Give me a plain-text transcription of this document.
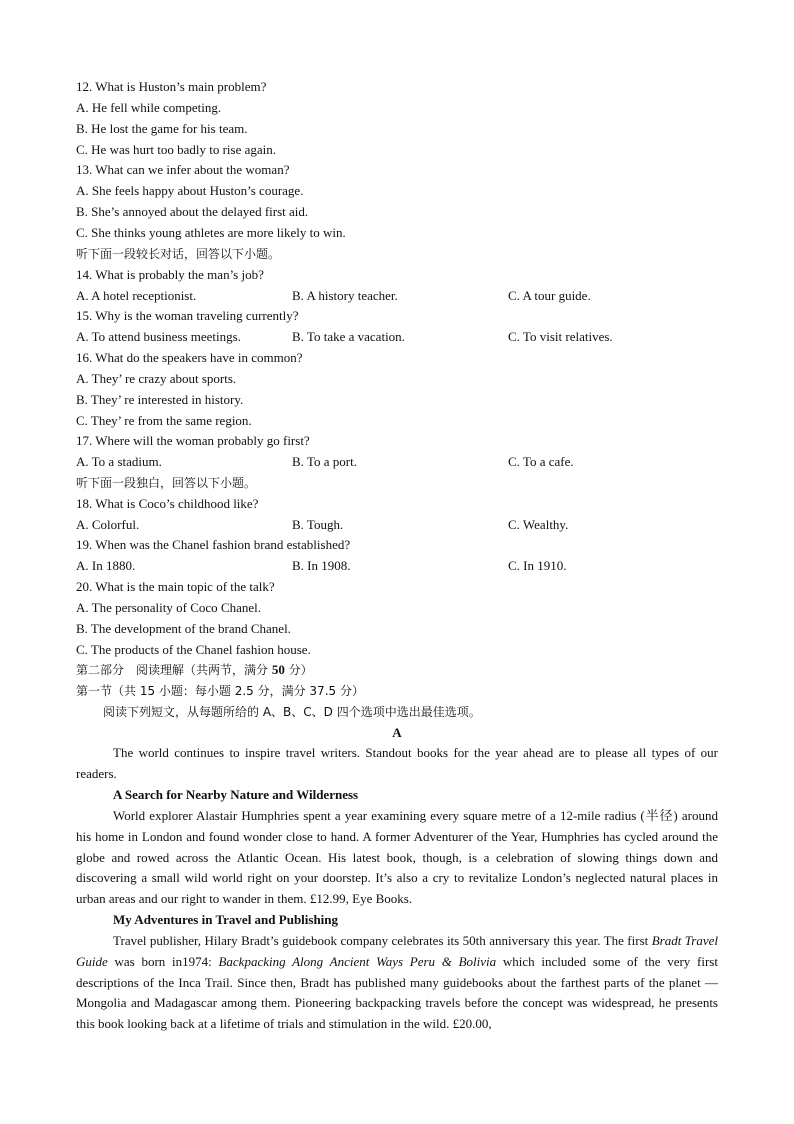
12. What is Huston’s main problem?
A. He fell while competing.
B. He lost the game for his team.
C. He was hurt too badly to rise again.
13. What can we infer about the woman?
A. She feels happy about Huston’s courage.
B. She’s annoyed about the delayed first aid.
C. She thinks young athletes are more likely to win.
听下面一段较长对话，回答以下小题。
14. What is probably the man’s job?
A. A hotel receptionist.	B. A history teacher.	C. A tour guide.
15. Why is the woman traveling currently?
A. To attend business meetings.	B. To take a vacation.	C. To visit relatives.
16. What do the speakers have in common?
A. They’ re crazy about sports.
B. They’ re interested in history.
C. They’ re from the same region.
17. Where will the woman probably go first?
A. To a stadium.	B. To a port.	C. To a cafe.
听下面一段独白，回答以下小题。
18. What is Coco’s childhood like?
A. Colorful.	B. Tough.	C. Wealthy.
19. When was the Chanel fashion brand established?
A. In 1880.	B. In 1908.	C. In 1910.
20. What is the main topic of the talk?
A. The personality of Coco Chanel.
B. The development of the brand Chanel.
C. The products of the Chanel fashion house.
第二部分　阅读理解（共两节，满分 50 分）
第一节（共 15 小题：每小题 2.5 分，满分 37.5 分）
阅读下列短文，从每题所给的 A、B、C、D 四个选项中选出最佳选项。
A

The world continues to inspire travel writers. Standout books for the year ahead are to please all types of our readers.

A Search for Nearby Nature and Wilderness

World explorer Alastair Humphries spent a year examining every square metre of a 12-mile radius (半径) around his home in London and found wonder close to hand. A former Adventurer of the Year, Humphries has cycled around the globe and rowed across the Atlantic Ocean. His latest book, though, is a celebration of slowing things down and discovering a small wild world right on your doorstep. It’s also a cry to revitalize London’s neglected natural places in urban areas and our right to wander in them. £12.99, Eye Books.

My Adventures in Travel and Publishing

Travel publisher, Hilary Bradt’s guidebook company celebrates its 50th anniversary this year. The first Bradt Travel Guide was born in1974: Backpacking Along Ancient Ways Peru & Bolivia which included some of the very first descriptions of the Inca Trail. Since then, Bradt has published many guidebooks about the farthest parts of the planet — Mongolia and Madagascar among them. Pioneering backpacking travels before the concept was widespread, he presents this book looking back at a lifetime of trials and stimulation in the wild. £20.00,
